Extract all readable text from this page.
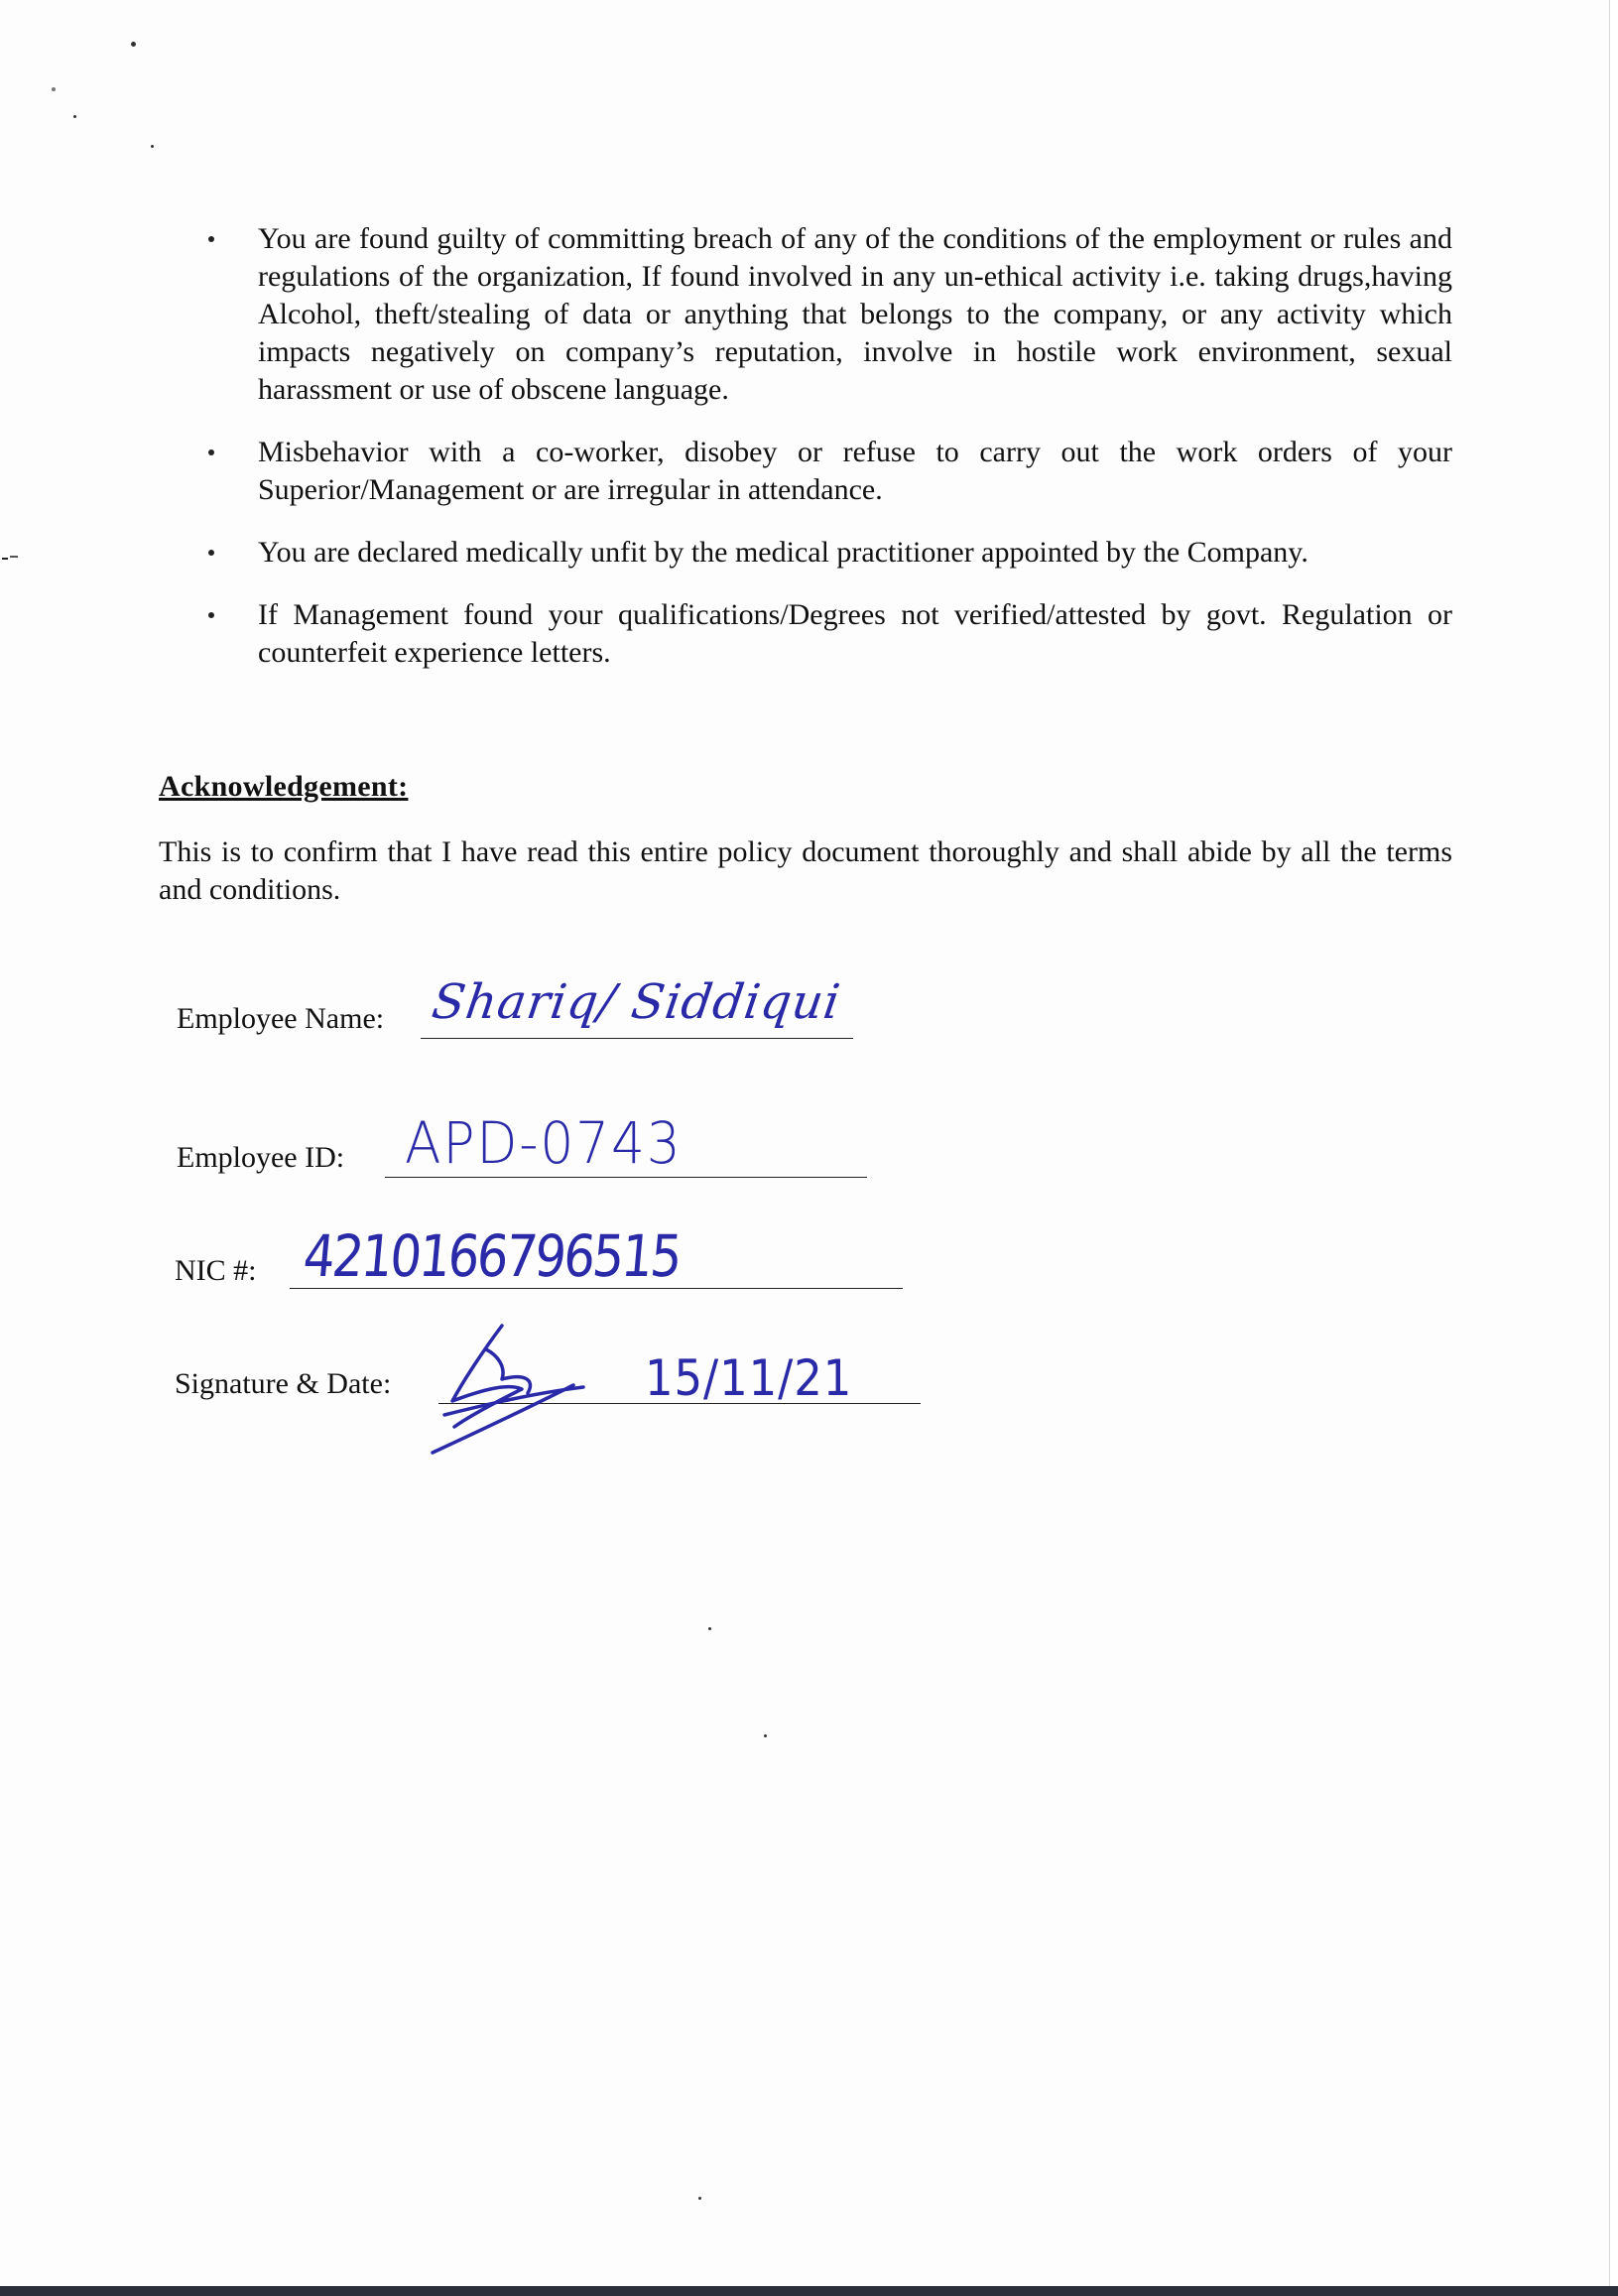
You are found guilty of committing breach of any of the conditions of the employment or rules and regulations of the organization, If found involved in any un-ethical activity i.e. taking drugs,having Alcohol, theft/stealing of data or anything that belongs to the company, or any activity which impacts negatively on company’s reputation, involve in hostile work environment, sexual harassment or use of obscene language.
Misbehavior with a co-worker, disobey or refuse to carry out the work orders of your Superior/Management or are irregular in attendance.
You are declared medically unfit by the medical practitioner appointed by the Company.
If Management found your qualifications/Degrees not verified/attested by govt. Regulation or counterfeit experience letters.
Acknowledgement:
This is to confirm that I have read this entire policy document thoroughly and shall abide by all the terms and conditions.
Employee Name: Shariq/ Siddiqui
Employee ID: APD-0743
NIC #: 4210166796515
Signature & Date:	15/11/21
